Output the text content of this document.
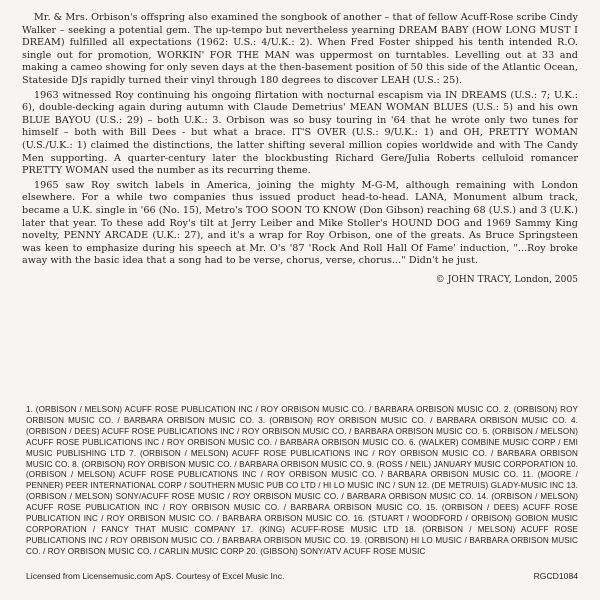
Mr. & Mrs. Orbison's offspring also examined the songbook of another – that of fellow Acuff-Rose scribe Cindy Walker – seeking a potential gem. The up-tempo but nevertheless yearning DREAM BABY (HOW LONG MUST I DREAM) fulfilled all expectations (1962: U.S.: 4/U.K.: 2). When Fred Foster shipped his tenth intended R.O. single out for promotion, WORKIN' FOR THE MAN was uppermost on turntables. Levelling out at 33 and making a cameo showing for only seven days at the then-basement position of 50 this side of the Atlantic Ocean, Stateside DJs rapidly turned their vinyl through 180 degrees to discover LEAH (U.S.: 25).

1963 witnessed Roy continuing his ongoing flirtation with nocturnal escapism via IN DREAMS (U.S.: 7; U.K.: 6), double-decking again during autumn with Claude Demetrius' MEAN WOMAN BLUES (U.S.: 5) and his own BLUE BAYOU (U.S.: 29) – both U.K.: 3. Orbison was so busy touring in '64 that he wrote only two tunes for himself – both with Bill Dees - but what a brace. IT'S OVER (U.S.: 9/U.K.: 1) and OH, PRETTY WOMAN (U.S./U.K.: 1) claimed the distinctions, the latter shifting several million copies worldwide and with The Candy Men supporting. A quarter-century later the blockbusting Richard Gere/Julia Roberts celluloid romancer PRETTY WOMAN used the number as its recurring theme.

1965 saw Roy switch labels in America, joining the mighty M-G-M, although remaining with London elsewhere. For a while two companies thus issued product head-to-head. LANA, Monument album track, became a U.K. single in '66 (No. 15), Metro's TOO SOON TO KNOW (Don Gibson) reaching 68 (U.S.) and 3 (U.K.) later that year. To these add Roy's tilt at Jerry Leiber and Mike Stoller's HOUND DOG and 1969 Sammy King novelty, PENNY ARCADE (U.K.: 27), and it's a wrap for Roy Orbison, one of the greats. As Bruce Springsteen was keen to emphasize during his speech at Mr. O's '87 'Rock And Roll Hall Of Fame' induction, "...Roy broke away with the basic idea that a song had to be verse, chorus, verse, chorus..." Didn't he just.

© JOHN TRACY, London, 2005
1. (ORBISON / MELSON) ACUFF ROSE PUBLICATION INC / ROY ORBISON MUSIC CO. / BARBARA ORBISON MUSIC CO. 2. (ORBISON) ROY ORBISON MUSIC CO. / BARBARA ORBISON MUSIC CO. 3. (ORBISON) ROY ORBISON MUSIC CO. / BARBARA ORBISON MUSIC CO. 4. (ORBISON / DEES) ACUFF ROSE PUBLICATIONS INC / ROY ORBISON MUSIC CO. / BARBARA ORBISON MUSIC CO. 5. (ORBISON / MELSON) ACUFF ROSE PUBLICATIONS INC / ROY ORBISON MUSIC CO. / BARBARA ORBISON MUSIC CO. 6. (WALKER) COMBINE MUSIC CORP / EMI MUSIC PUBLISHING LTD 7. (ORBISON / MELSON) ACUFF ROSE PUBLICATIONS INC / ROY ORBISON MUSIC CO. / BARBARA ORBISON MUSIC CO. 8. (ORBISON) ROY ORBISON MUSIC CO. / BARBARA ORBISON MUSIC CO. 9. (ROSS / NEIL) JANUARY MUSIC CORPORATION 10. (ORBISON / MELSON) ACUFF ROSE PUBLICATIONS INC / ROY ORBISON MUSIC CO. / BARBARA ORBISON MUSIC CO. 11. (MOORE / PENNER) PEER INTERNATIONAL CORP / SOUTHERN MUSIC PUB CO LTD / HI LO MUSIC INC / SUN 12. (DE METRUIS) GLADY-MUSIC INC 13. (ORBISON / MELSON) SONY/ACUFF ROSE MUSIC / ROY ORBISON MUSIC CO. / BARBARA ORBISON MUSIC CO. 14. (ORBISON / MELSON) ACUFF ROSE PUBLICATION INC / ROY ORBISON MUSIC CO. / BARBARA ORBISON MUSIC CO. 15. (ORBISON / DEES) ACUFF ROSE PUBLICATION INC / ROY ORBISON MUSIC CO. / BARBARA ORBISON MUSIC CO. 16. (STUART / WOODFORD / ORBISON) GOBION MUSIC CORPORATION / FANCY THAT MUSIC COMPANY 17. (KING) ACUFF-ROSE MUSIC LTD 18. (ORBISON / MELSON) ACUFF ROSE PUBLICATIONS INC / ROY ORBISON MUSIC CO. / BARBARA ORBISON MUSIC CO. 19. (ORBISON) HI LO MUSIC / BARBARA ORBISON MUSIC CO. / ROY ORBISON MUSIC CO. / CARLIN MUSIC CORP 20. (GIBSON) SONY/ATV ACUFF ROSE MUSIC
Licensed from Licensemusic.com ApS. Courtesy of Excel Music Inc.	RGCD1084
